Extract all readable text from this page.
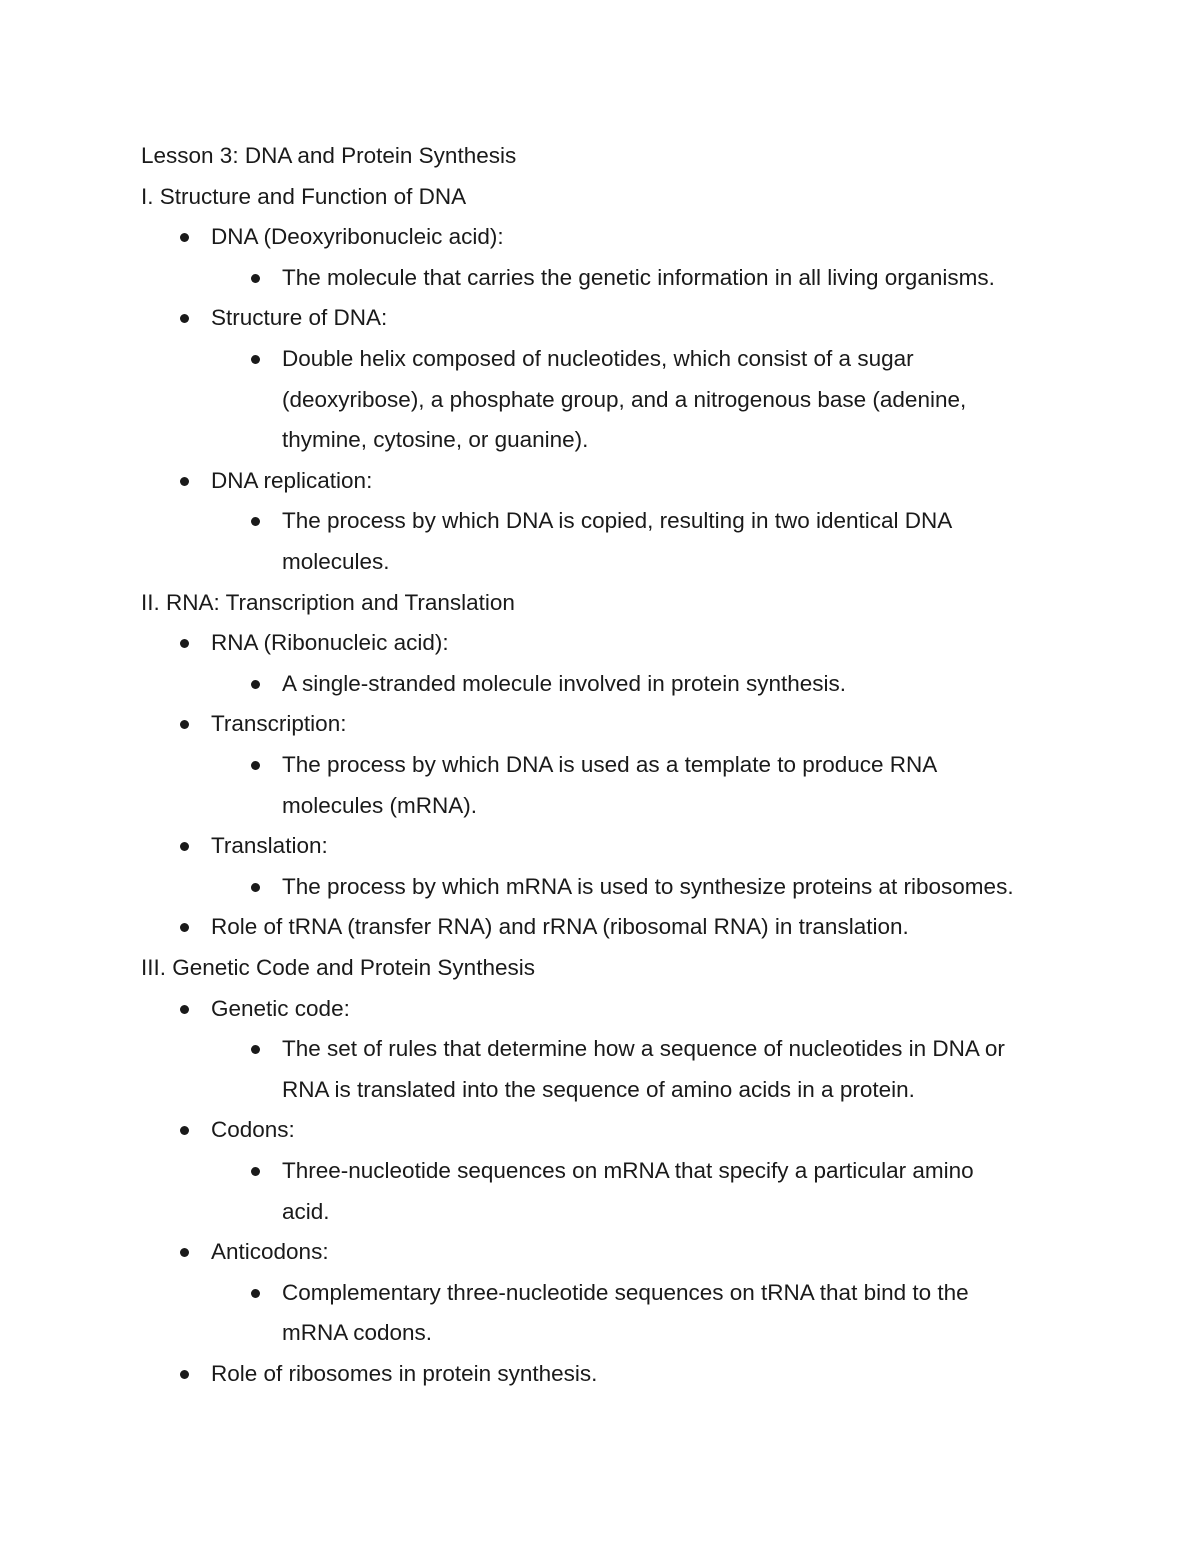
Lesson 3: DNA and Protein Synthesis
I. Structure and Function of DNA
DNA (Deoxyribonucleic acid):
The molecule that carries the genetic information in all living organisms.
Structure of DNA:
Double helix composed of nucleotides, which consist of a sugar
(deoxyribose), a phosphate group, and a nitrogenous base (adenine,
thymine, cytosine, or guanine).
DNA replication:
The process by which DNA is copied, resulting in two identical DNA
molecules.
II. RNA: Transcription and Translation
RNA (Ribonucleic acid):
A single-stranded molecule involved in protein synthesis.
Transcription:
The process by which DNA is used as a template to produce RNA
molecules (mRNA).
Translation:
The process by which mRNA is used to synthesize proteins at ribosomes.
Role of tRNA (transfer RNA) and rRNA (ribosomal RNA) in translation.
III. Genetic Code and Protein Synthesis
Genetic code:
The set of rules that determine how a sequence of nucleotides in DNA or
RNA is translated into the sequence of amino acids in a protein.
Codons:
Three-nucleotide sequences on mRNA that specify a particular amino
acid.
Anticodons:
Complementary three-nucleotide sequences on tRNA that bind to the
mRNA codons.
Role of ribosomes in protein synthesis.
